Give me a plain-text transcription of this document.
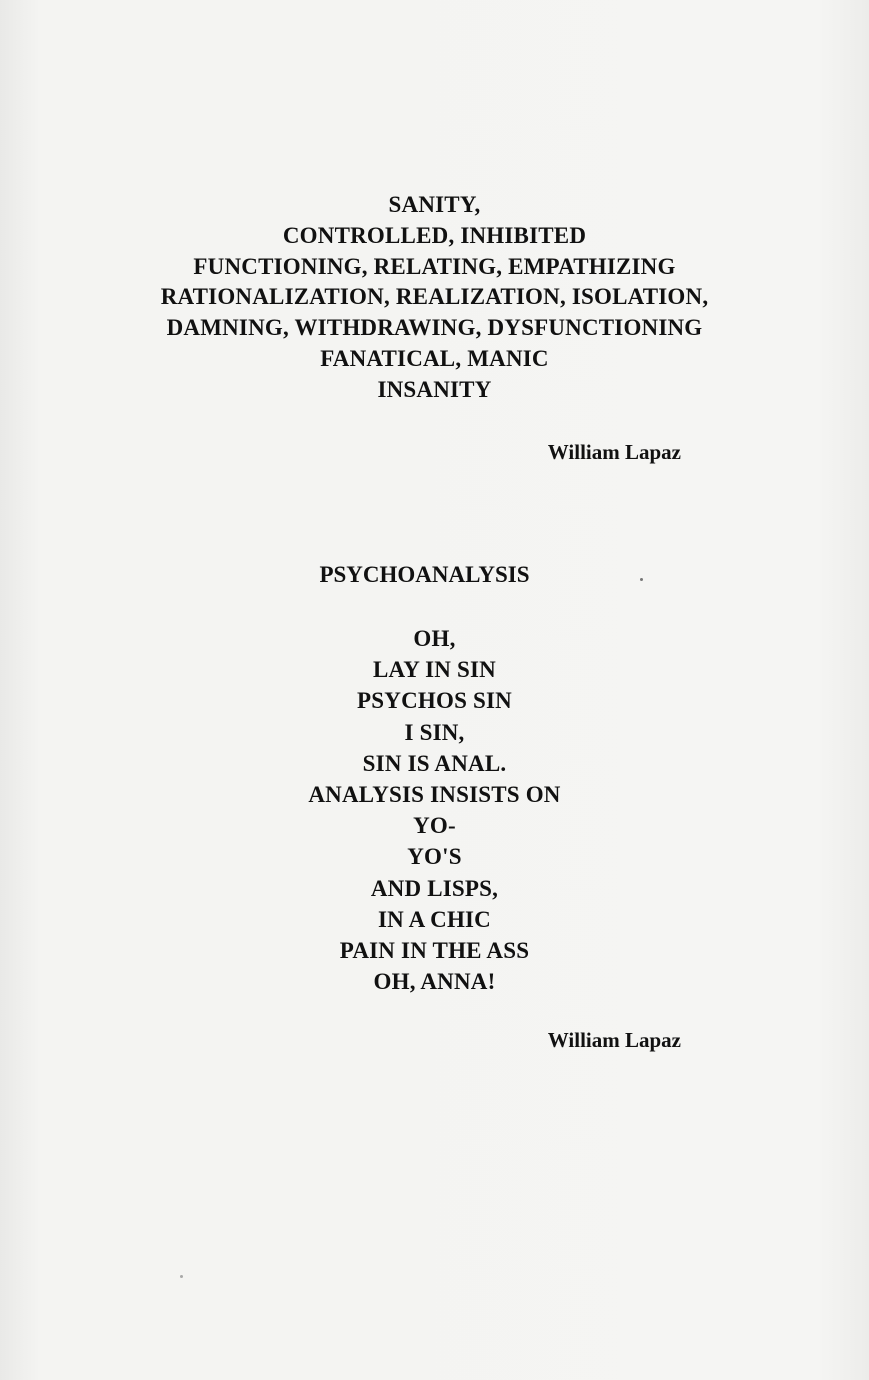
SANITY,
CONTROLLED, INHIBITED
FUNCTIONING, RELATING, EMPATHIZING
RATIONALIZATION, REALIZATION, ISOLATION,
DAMNING, WITHDRAWING, DYSFUNCTIONING
FANATICAL, MANIC
INSANITY
William Lapaz
PSYCHOANALYSIS
OH,
LAY IN SIN
PSYCHOS SIN
I SIN,
SIN IS ANAL.
ANALYSIS INSISTS ON
YO-
YO'S
AND LISPS,
IN A CHIC
PAIN IN THE ASS
OH, ANNA!
William Lapaz
